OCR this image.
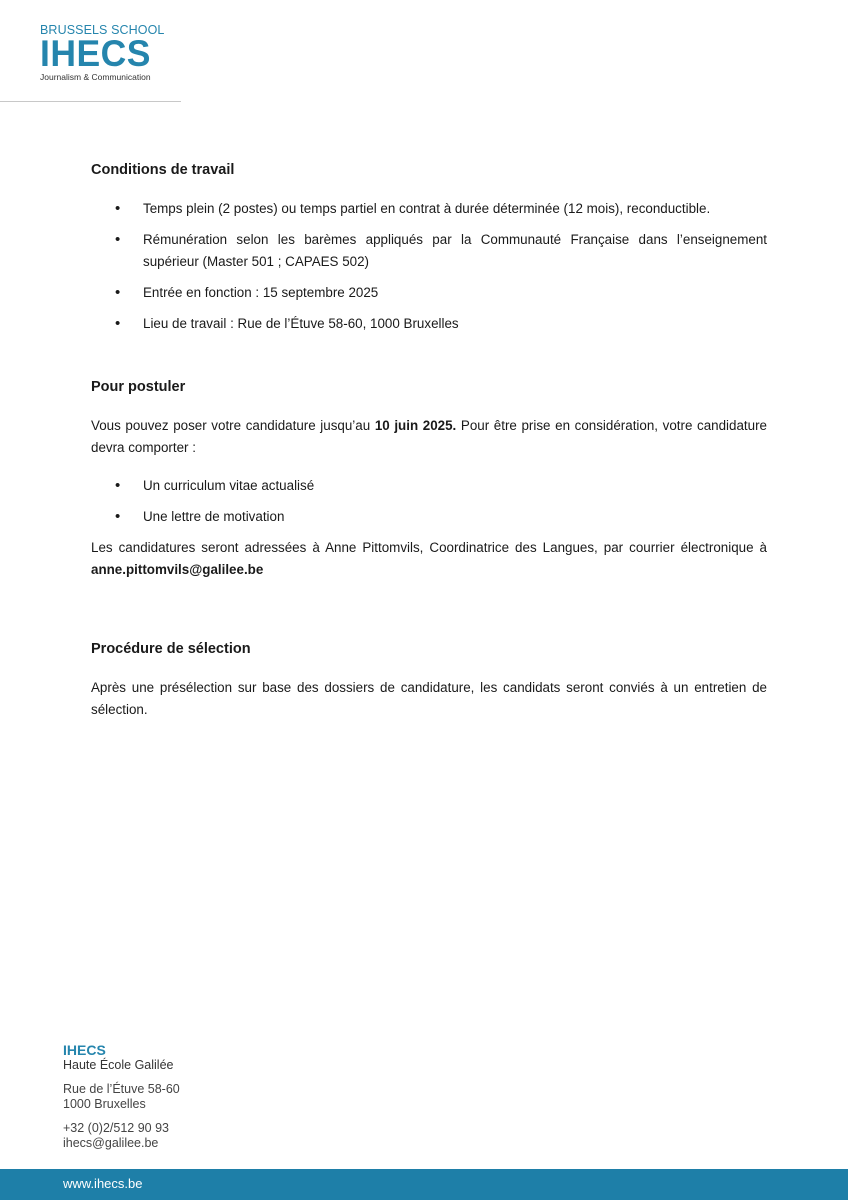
BRUSSELS SCHOOL
IHECS
Journalism & Communication
Conditions de travail
• Temps plein (2 postes) ou temps partiel en contrat à durée déterminée (12 mois), reconductible.
• Rémunération selon les barèmes appliqués par la Communauté Française dans l’enseignement supérieur (Master 501 ; CAPAES 502)
• Entrée en fonction : 15 septembre 2025
• Lieu de travail : Rue de l’Étuve 58-60, 1000 Bruxelles
Pour postuler

Vous pouvez poser votre candidature jusqu’au 10 juin 2025. Pour être prise en considération, votre candidature devra comporter :

• Un curriculum vitae actualisé
• Une lettre de motivation

Les candidatures seront adressées à Anne Pittomvils, Coordinatrice des Langues, par courrier électronique à anne.pittomvils@galilee.be

Procédure de sélection

Après une présélection sur base des dossiers de candidature, les candidats seront conviés à un entretien de sélection.

IHECS
Haute École Galilée
Rue de l’Étuve 58-60
1000 Bruxelles
+32 (0)2/512 90 93
ihecs@galilee.be
www.ihecs.be
